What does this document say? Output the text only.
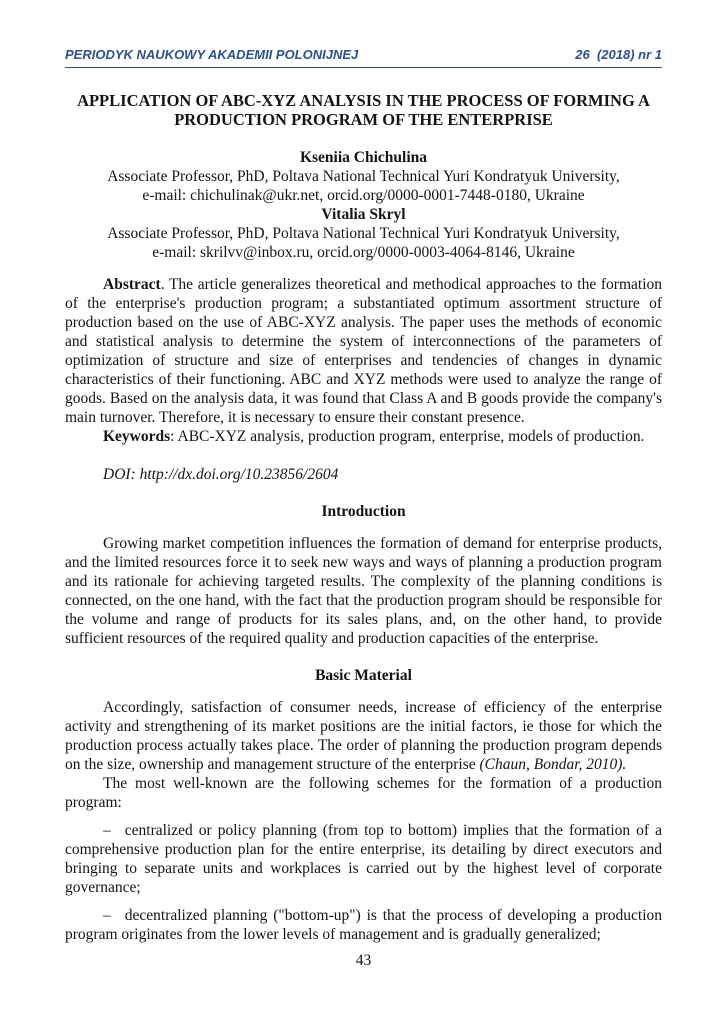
PERIODYK NAUKOWY AKADEMII POLONIJNEJ	26  (2018) nr 1
APPLICATION OF ABC-XYZ ANALYSIS IN THE PROCESS OF FORMING A
PRODUCTION PROGRAM OF THE ENTERPRISE
Kseniia Chichulina
Associate Professor, PhD, Poltava National Technical Yuri Kondratyuk University,
e-mail: chichulinak@ukr.net, orcid.org/0000-0001-7448-0180, Ukraine
Vitalia Skryl
Associate Professor, PhD, Poltava National Technical Yuri Kondratyuk University,
e-mail: skrilvv@inbox.ru, orcid.org/0000-0003-4064-8146, Ukraine

Abstract. The article generalizes theoretical and methodical approaches to the formation of the enterprise's production program; a substantiated optimum assortment structure of production based on the use of ABC-XYZ analysis. The paper uses the methods of economic and statistical analysis to determine the system of interconnections of the parameters of optimization of structure and size of enterprises and tendencies of changes in dynamic characteristics of their functioning. ABC and XYZ methods were used to analyze the range of goods. Based on the analysis data, it was found that Class A and B goods provide the company's main turnover. Therefore, it is necessary to ensure their constant presence.

Keywords: ABC-XYZ analysis, production program, enterprise, models of production.

DOI: http://dx.doi.org/10.23856/2604

Introduction

Growing market competition influences the formation of demand for enterprise products, and the limited resources force it to seek new ways and ways of planning a production program and its rationale for achieving targeted results. The complexity of the planning conditions is connected, on the one hand, with the fact that the production program should be responsible for the volume and range of products for its sales plans, and, on the other hand, to provide sufficient resources of the required quality and production capacities of the enterprise.

Basic Material

Accordingly, satisfaction of consumer needs, increase of efficiency of the enterprise activity and strengthening of its market positions are the initial factors, ie those for which the production process actually takes place. The order of planning the production program depends on the size, ownership and management structure of the enterprise (Chaun, Bondar, 2010).

The most well-known are the following schemes for the formation of a production program:

– centralized or policy planning (from top to bottom) implies that the formation of a comprehensive production plan for the entire enterprise, its detailing by direct executors and bringing to separate units and workplaces is carried out by the highest level of corporate governance;

– decentralized planning ("bottom-up") is that the process of developing a production program originates from the lower levels of management and is gradually generalized;

43
